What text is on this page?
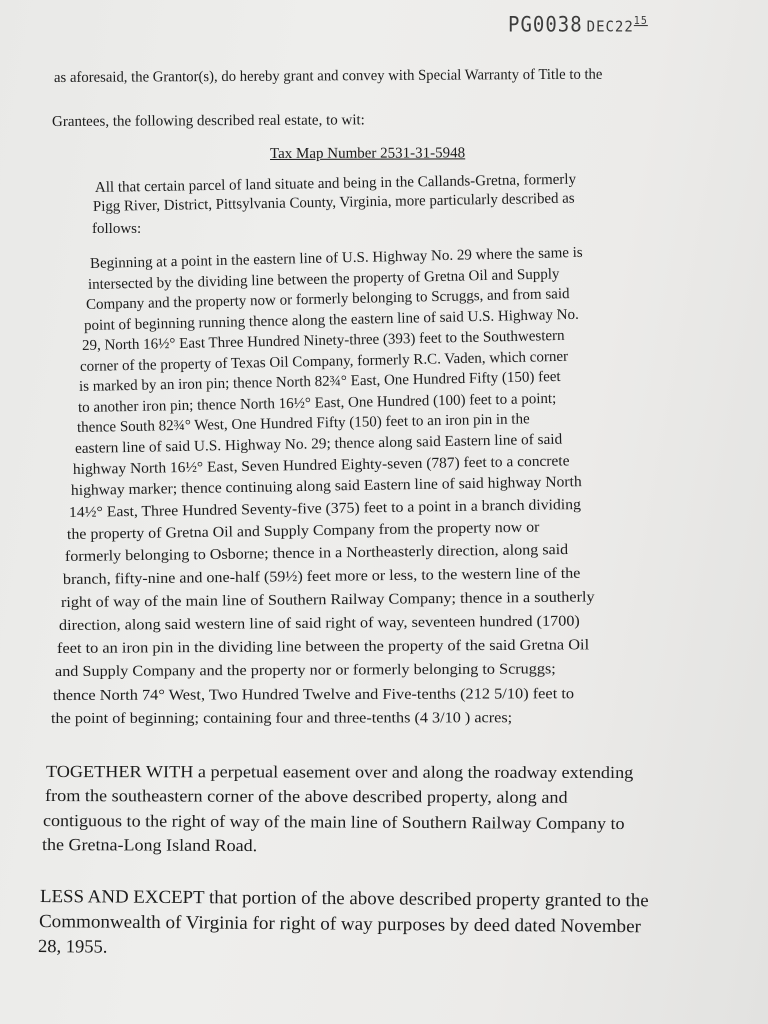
PG0038 $DEC22^{15}$
as aforesaid, the Grantor(s), do hereby grant and convey with Special Warranty of Title to the
Grantees, the following described real estate, to wit:
Tax Map Number 2531-31-5948
All that certain parcel of land situate and being in the Callands-Gretna, formerly
Pigg River, District, Pittsylvania County, Virginia, more particularly described as
follows:
Beginning at a point in the eastern line of U.S. Highway No. 29 where the same is
intersected by the dividing line between the property of Gretna Oil and Supply
Company and the property now or formerly belonging to Scruggs, and from said
point of beginning running thence along the eastern line of said U.S. Highway No.
29, North 16½° East Three Hundred Ninety-three (393) feet to the Southwestern
corner of the property of Texas Oil Company, formerly R.C. Vaden, which corner
is marked by an iron pin; thence North 82¾° East, One Hundred Fifty (150) feet
to another iron pin; thence North 16½° East, One Hundred (100) feet to a point;
thence South 82¾° West, One Hundred Fifty (150) feet to an iron pin in the
eastern line of said U.S. Highway No. 29; thence along said Eastern line of said
highway North 16½° East, Seven Hundred Eighty-seven (787) feet to a concrete
highway marker; thence continuing along said Eastern line of said highway North
14½° East, Three Hundred Seventy-five (375) feet to a point in a branch dividing
the property of Gretna Oil and Supply Company from the property now or
formerly belonging to Osborne; thence in a Northeasterly direction, along said
branch, fifty-nine and one-half (59½) feet more or less, to the western line of the
right of way of the main line of Southern Railway Company; thence in a southerly
direction, along said western line of said right of way, seventeen hundred (1700)
feet to an iron pin in the dividing line between the property of the said Gretna Oil
and Supply Company and the property nor or formerly belonging to Scruggs;
thence North 74° West, Two Hundred Twelve and Five-tenths (212 5/10) feet to
the point of beginning; containing four and three-tenths (4 3/10 ) acres;
TOGETHER WITH a perpetual easement over and along the roadway extending
from the southeastern corner of the above described property, along and
contiguous to the right of way of the main line of Southern Railway Company to
the Gretna-Long Island Road.
LESS AND EXCEPT that portion of the above described property granted to the
Commonwealth of Virginia for right of way purposes by deed dated November
28, 1955.
